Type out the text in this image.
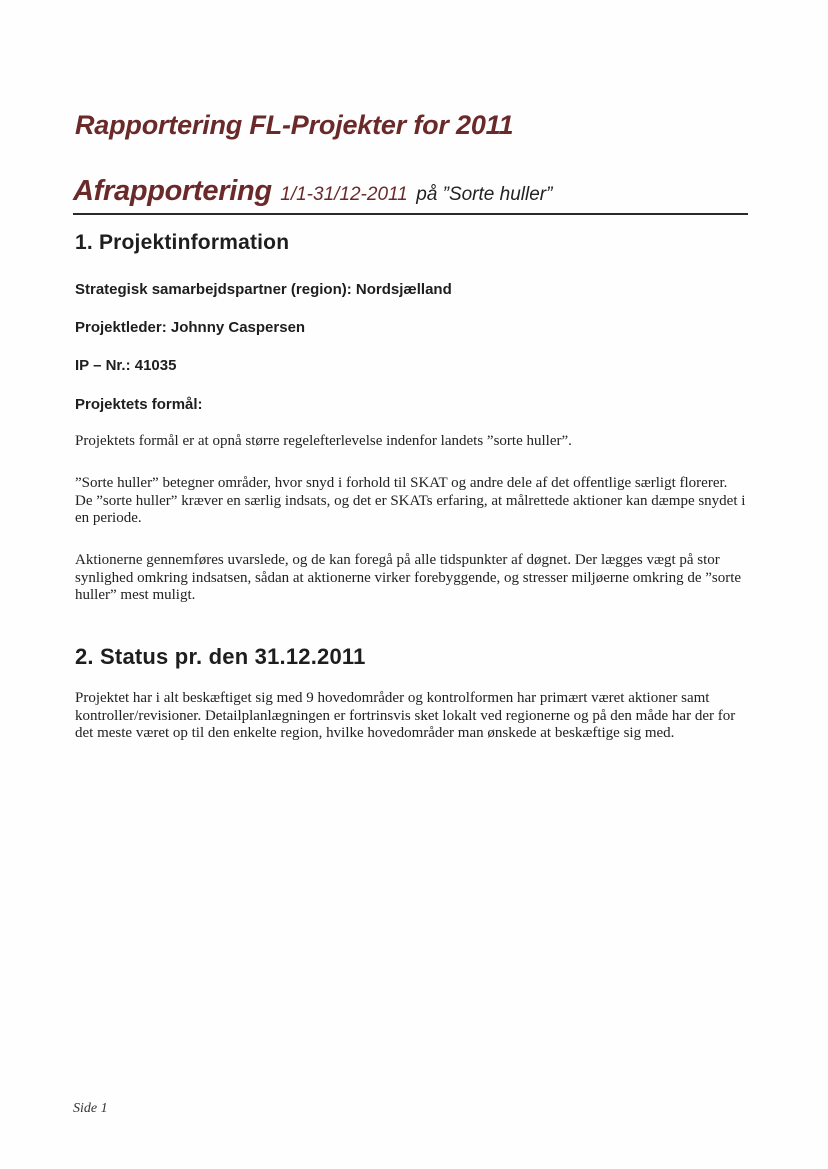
Rapportering FL-Projekter for 2011
Afrapportering 1/1-31/12-2011 på ”Sorte huller”
1. Projektinformation

Strategisk samarbejdspartner (region): Nordsjælland

Projektleder: Johnny Caspersen

IP – Nr.: 41035

Projektets formål:

Projektets formål er at opnå større regelefterlevelse indenfor landets ”sorte huller”.

”Sorte huller” betegner områder, hvor snyd i forhold til SKAT og andre dele af det offentlige særligt florerer. De ”sorte huller” kræver en særlig indsats, og det er SKATs erfaring, at målrettede aktioner kan dæmpe snydet i en periode.

Aktionerne gennemføres uvarslede, og de kan foregå på alle tidspunkter af døgnet. Der lægges vægt på stor synlighed omkring indsatsen, sådan at aktionerne virker forebyggende, og stresser miljøerne omkring de ”sorte huller” mest muligt.

2. Status pr. den 31.12.2011

Projektet har i alt beskæftiget sig med 9 hovedområder og kontrolformen har primært været aktioner samt kontroller/revisioner. Detailplanlægningen er fortrinsvis sket lokalt ved regionerne og på den måde har der for det meste været op til den enkelte region, hvilke hovedområder man ønskede at beskæftige sig med.

Side 1
